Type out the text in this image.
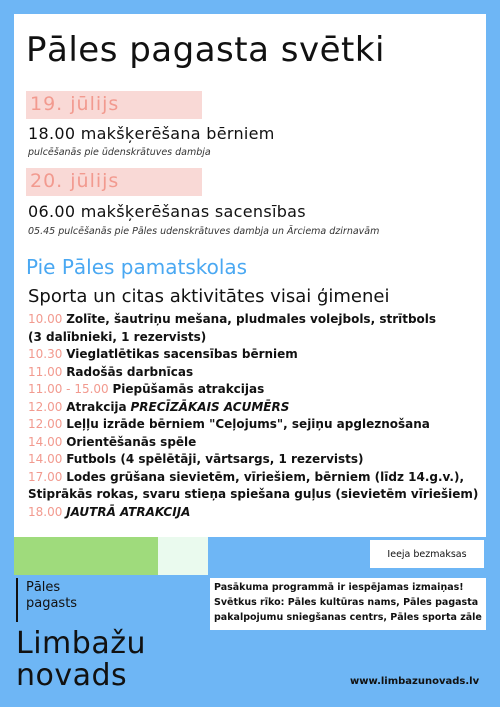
Pāles pagasta svētki
19. jūlijs
18.00 makšķerēšana bērniem
pulcēšanās pie ūdenskrātuves dambja
20. jūlijs
06.00 makšķerēšanas sacensības
05.45 pulcēšanās pie Pāles udenskrātuves dambja un Ārciema dzirnavām
Pie Pāles pamatskolas
Sporta un citas aktivitātes visai ģimenei
10.00 Zolīte, šautriņu mešana, pludmales volejbols, strītbols
(3 dalībnieki, 1 rezervists)
10.30 Vieglatlētikas sacensības bērniem
11.00 Radošās darbnīcas
11.00 - 15.00 Piepūšamās atrakcijas
12.00 Atrakcija PRECĪZĀKAIS ACUMĒRS
12.00 Leļļu izrāde bērniem "Ceļojums", sejiņu apgleznošana
14.00 Orientēšanās spēle
14.00 Futbols (4 spēlētāji, vārtsargs, 1 rezervists)
17.00 Lodes grūšana sievietēm, vīriešiem, bērniem (līdz 14.g.v.),
Stiprākās rokas, svaru stieņa spiešana guļus (sievietēm vīriešiem)
18.00 JAUTRĀ ATRAKCIJA
Ieeja bezmaksas
Pāles
pagasts
Limbažu
novads
Pasākuma programmā ir iespējamas izmaiņas!
Svētkus rīko: Pāles kultūras nams, Pāles pagasta
pakalpojumu sniegšanas centrs, Pāles sporta zāle
www.limbazunovads.lv
